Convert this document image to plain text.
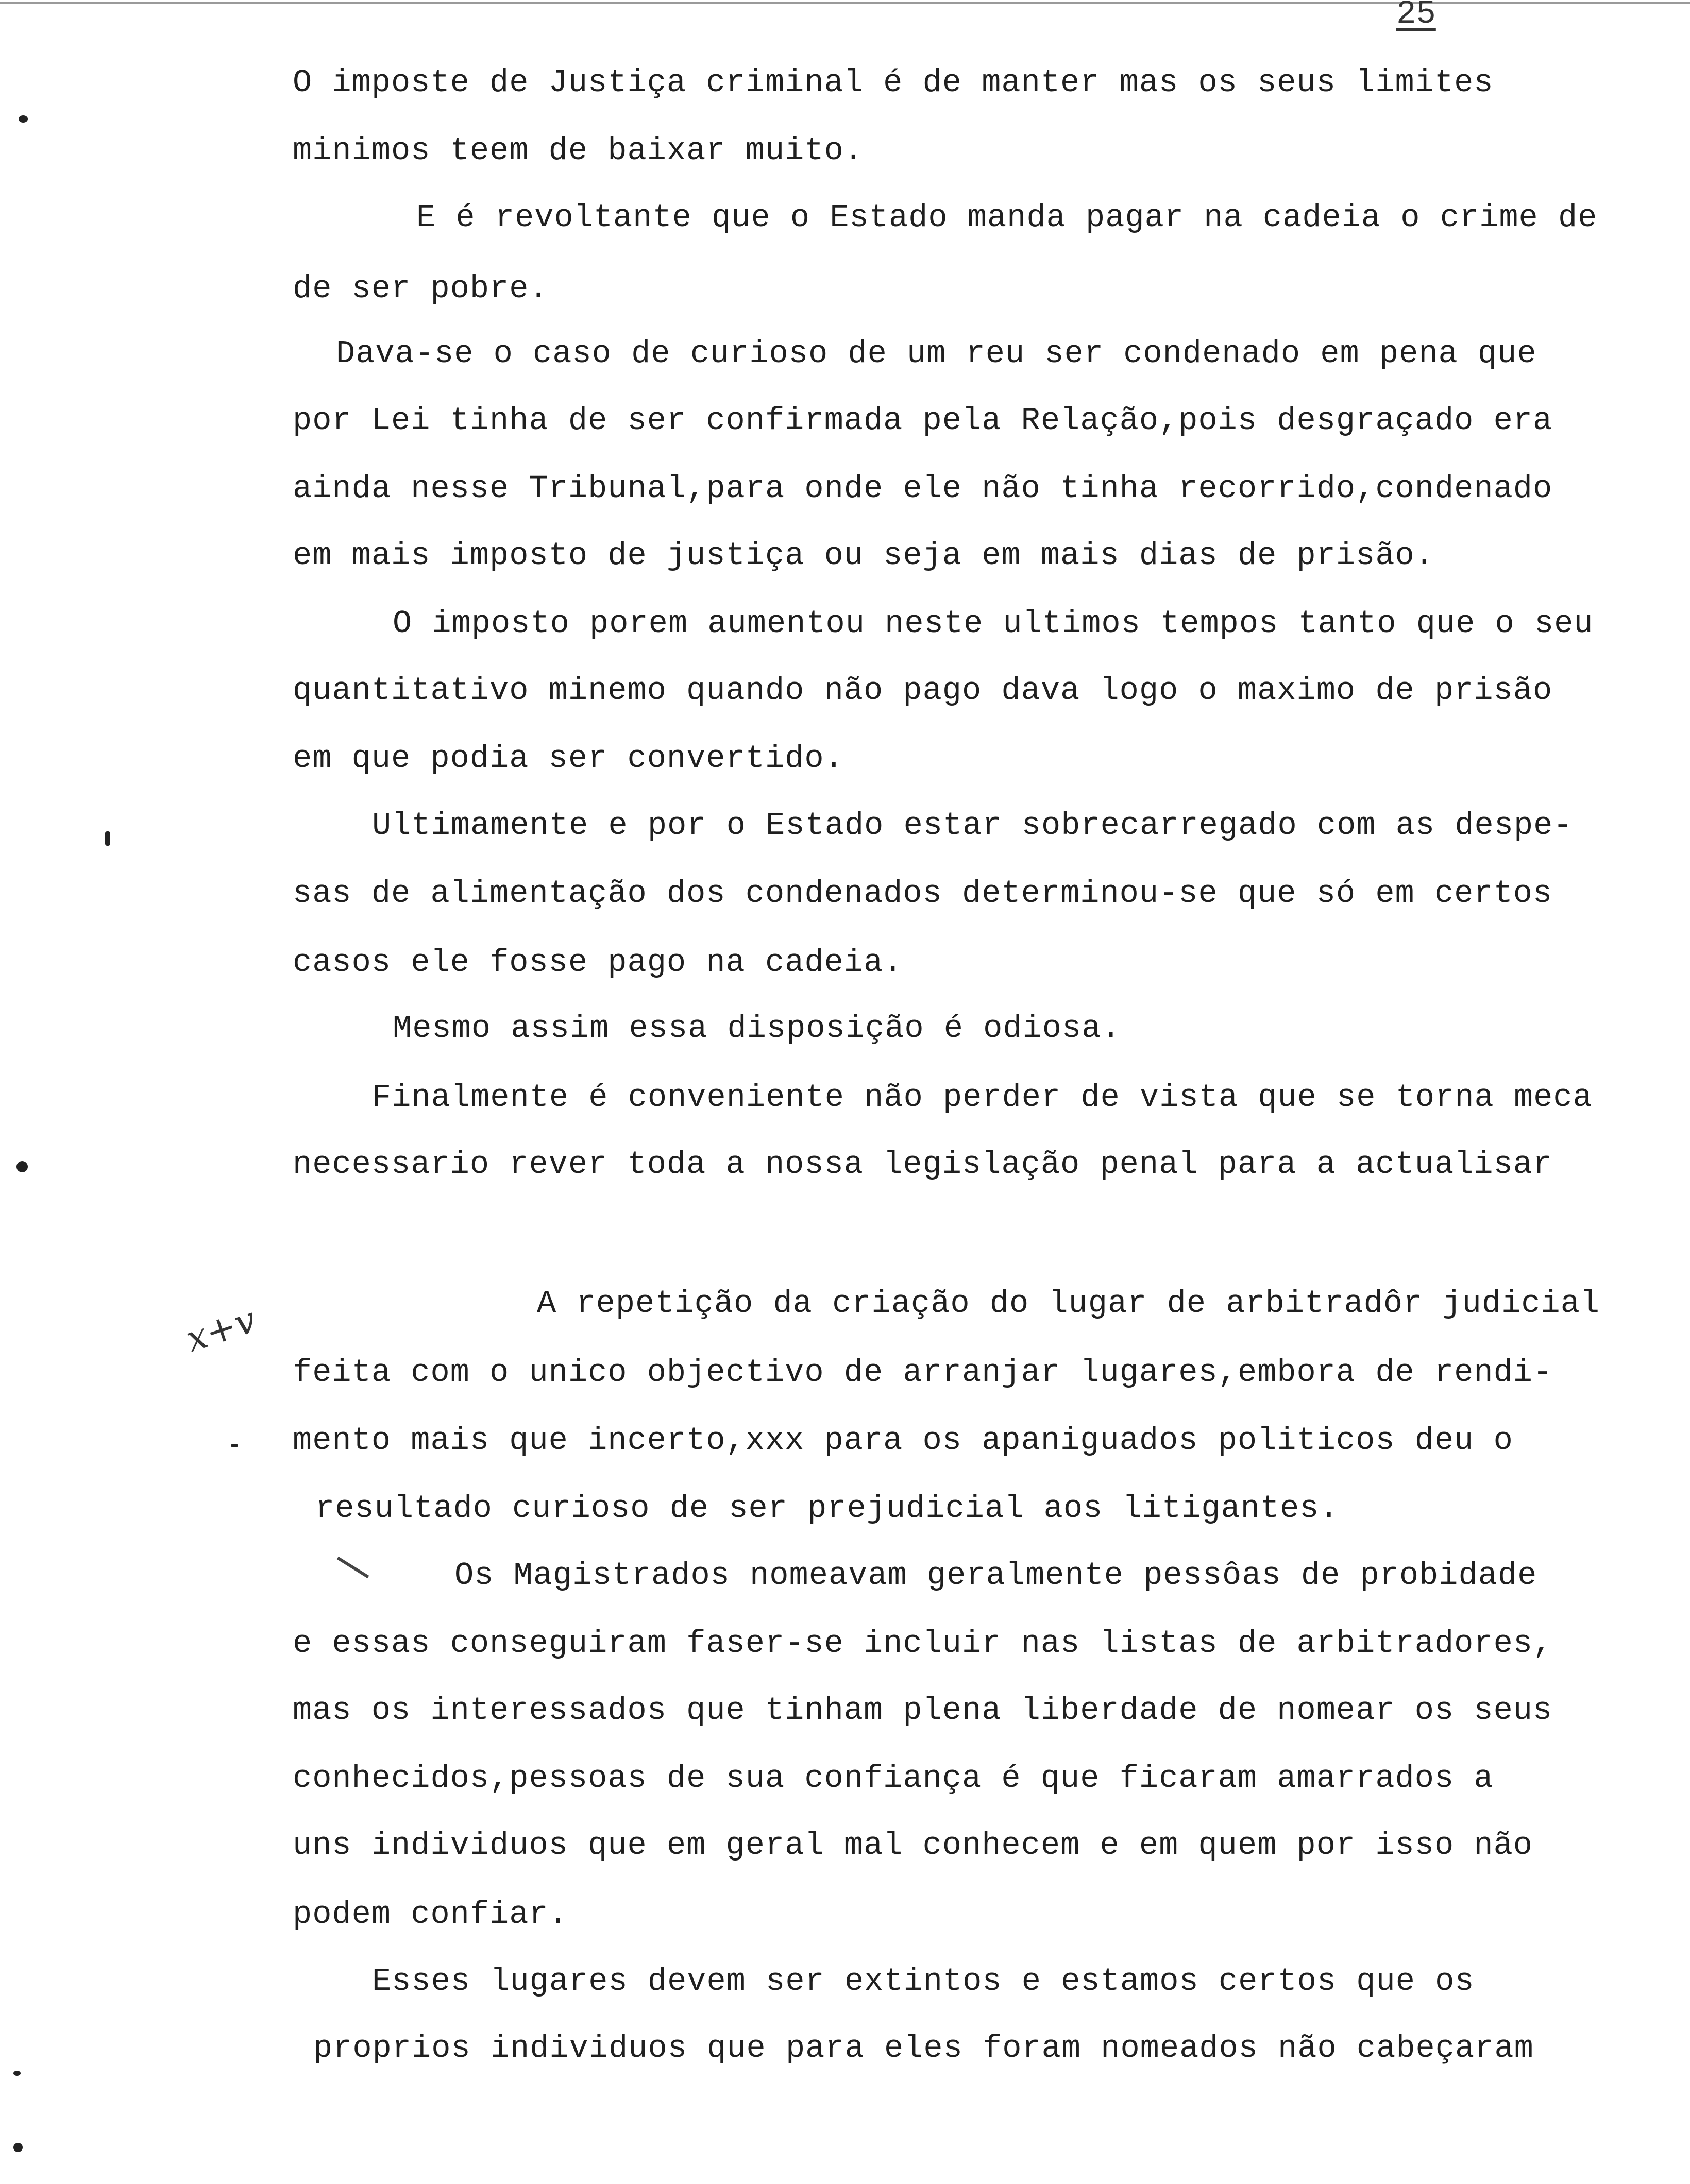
25
O imposte de Justiça criminal é de manter mas os seus limites
minimos teem de baixar muito.
E é revoltante que o Estado manda pagar na cadeia o crime de
de ser pobre.
Dava-se o caso de curioso de um reu ser condenado em pena que
por Lei tinha de ser confirmada pela Relação,pois desgraçado era
ainda nesse Tribunal,para onde ele não tinha recorrido,condenado
em mais imposto de justiça ou seja em mais dias de prisão.
O imposto porem aumentou neste ultimos tempos tanto que o seu
quantitativo minemo quando não pago dava logo o maximo de prisão
em que podia ser convertido.
Ultimamente e por o Estado estar sobrecarregado com as despe-
sas de alimentação dos condenados determinou-se que só em certos
casos ele fosse pago na cadeia.
Mesmo assim essa disposição é odiosa.
Finalmente é conveniente não perder de vista que se torna meca
necessario rever toda a nossa legislação penal para a actualisar
x+v	A repetição da criação do lugar de arbitradôr judicial
feita com o unico objectivo de arranjar lugares,embora de rendi-
mento mais que incerto,xxx para os apaniguados politicos deu o
resultado curioso de ser prejudicial aos litigantes.
Os Magistrados nomeavam geralmente pessôas de probidade
e essas conseguiram faser-se incluir nas listas de arbitradores,
mas os interessados que tinham plena liberdade de nomear os seus
conhecidos,pessoas de sua confiança é que ficaram amarrados a
uns individuos que em geral mal conhecem e em quem por isso não
podem confiar.
Esses lugares devem ser extintos e estamos certos que os
proprios individuos que para eles foram nomeados não cabeçaram
